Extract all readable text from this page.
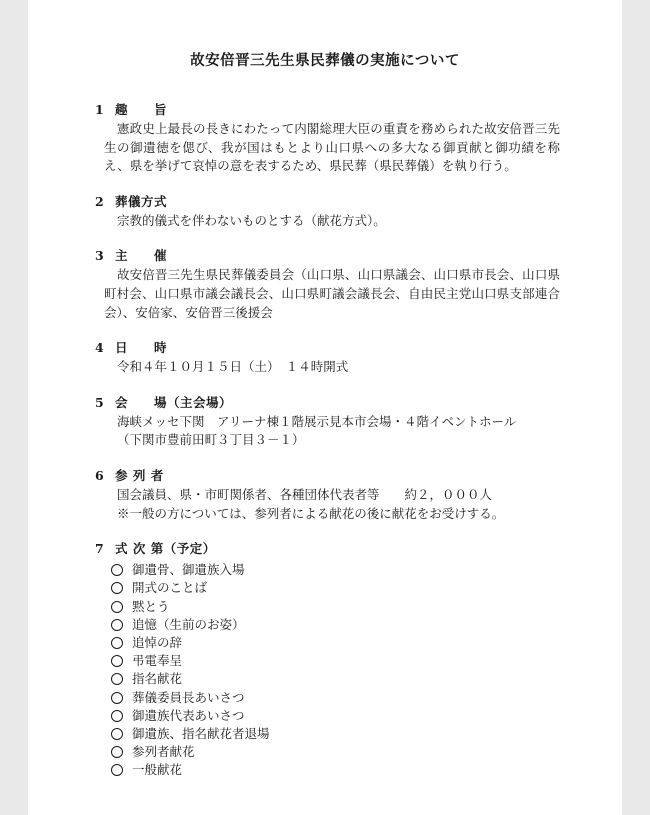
故安倍晋三先生県民葬儀の実施について
1 趣　　旨

憲政史上最長の長きにわたって内閣総理大臣の重責を務められた故安倍晋三先生の御遺徳を偲び、我が国はもとより山口県への多大なる御貢献と御功績を称え、県を挙げて哀悼の意を表するため、県民葬（県民葬儀）を執り行う。

2 葬儀方式

宗教的儀式を伴わないものとする（献花方式）。

3 主　　催

故安倍晋三先生県民葬儀委員会（山口県、山口県議会、山口県市長会、山口県町村会、山口県市議会議長会、山口県町議会議長会、自由民主党山口県支部連合会）、安倍家、安倍晋三後援会

4 日　　時

令和４年１０月１５日（土）　１４時開式

5 会　　場（主会場）

海峡メッセ下関　アリーナ棟１階展示見本市会場・４階イベントホール

（下関市豊前田町３丁目３－１）

6 参 列 者

国会議員、県・市町関係者、各種団体代表者等　　約２，０００人

※一般の方については、参列者による献花の後に献花をお受けする。

7 式 次 第（予定）
御遺骨、御遺族入場
開式のことば
黙とう
追憶（生前のお姿）
追悼の辞
弔電奉呈
指名献花
葬儀委員長あいさつ
御遺族代表あいさつ
御遺族、指名献花者退場
参列者献花
一般献花
